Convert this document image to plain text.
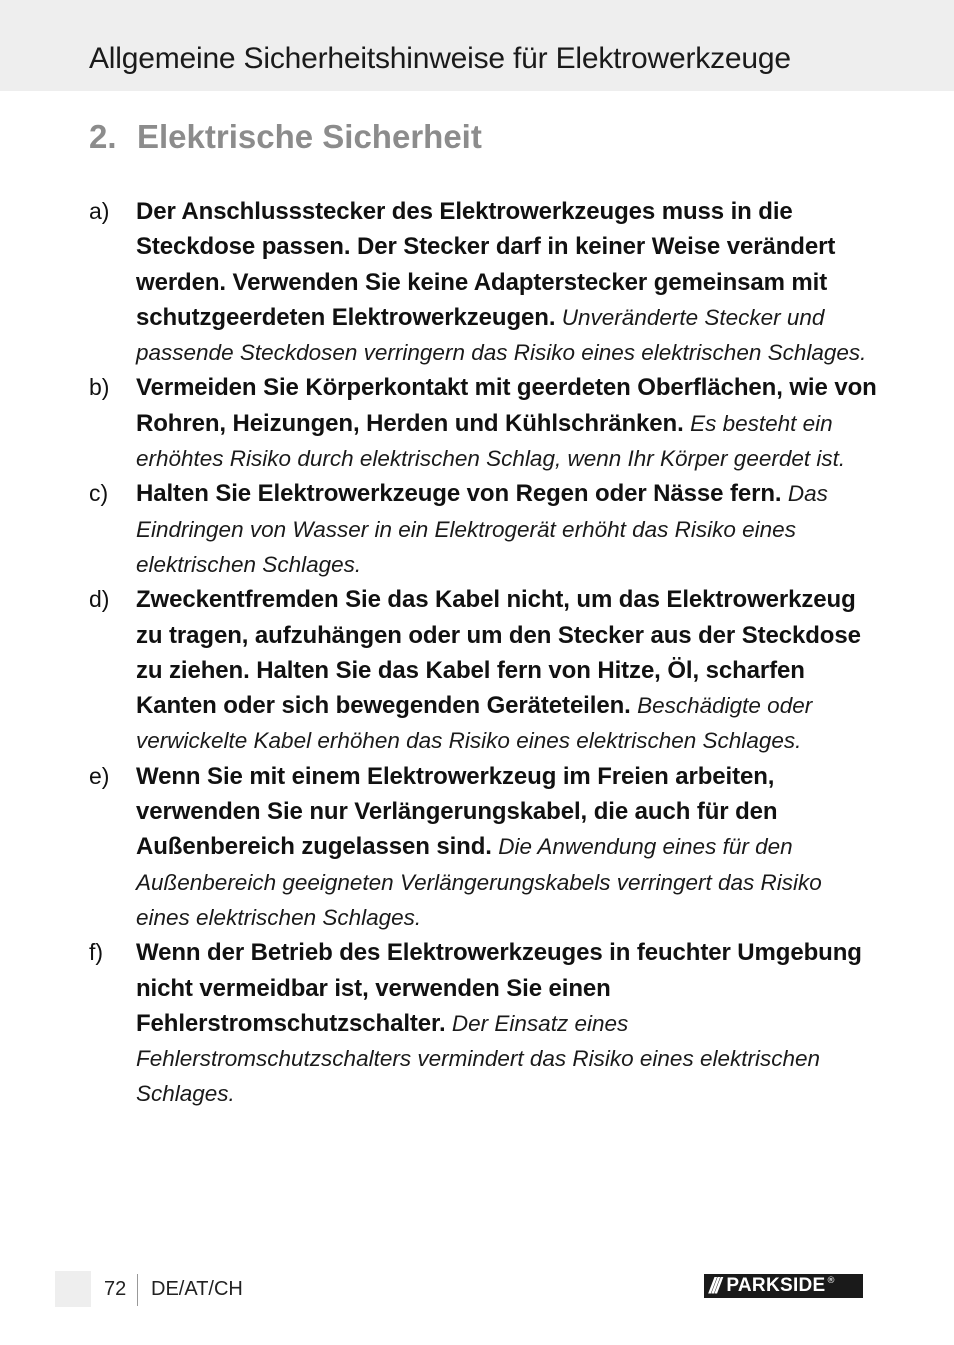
Allgemeine Sicherheitshinweise für Elektrowerkzeuge
2. Elektrische Sicherheit
a)	Der Anschlussstecker des Elektrowerkzeuges muss in die Steckdose passen. Der Stecker darf in keiner Weise verändert werden. Verwenden Sie keine Adapterstecker gemeinsam mit schutzgeerdeten Elektrowerkzeugen. Unveränderte Stecker und passende Steckdosen verringern das Risiko eines elektrischen Schlages.
b)	Vermeiden Sie Körperkontakt mit geerdeten Oberflächen, wie von Rohren, Heizungen, Herden und Kühlschränken. Es besteht ein erhöhtes Risiko durch elektrischen Schlag, wenn Ihr Körper geerdet ist.
c)	Halten Sie Elektrowerkzeuge von Regen oder Nässe fern. Das Eindringen von Wasser in ein Elektrogerät erhöht das Risiko eines elektrischen Schlages.
d)	Zweckentfremden Sie das Kabel nicht, um das Elektrowerkzeug zu tragen, aufzuhängen oder um den Stecker aus der Steckdose zu ziehen. Halten Sie das Kabel fern von Hitze, Öl, scharfen Kanten oder sich bewegenden Geräteteilen. Beschädigte oder verwickelte Kabel erhöhen das Risiko eines elektrischen Schlages.
e)	Wenn Sie mit einem Elektrowerkzeug im Freien arbeiten, verwenden Sie nur Verlängerungskabel, die auch für den Außenbereich zugelassen sind. Die Anwendung eines für den Außenbereich geeigneten Verlängerungskabels verringert das Risiko eines elektrischen Schlages.
f)	Wenn der Betrieb des Elektrowerkzeuges in feuchter Umgebung nicht vermeidbar ist, verwenden Sie einen Fehlerstromschutzschalter. Der Einsatz eines Fehlerstromschutzschalters vermindert das Risiko eines elektrischen Schlages.
72 DE/AT/CH	/// PARKSIDE ®
